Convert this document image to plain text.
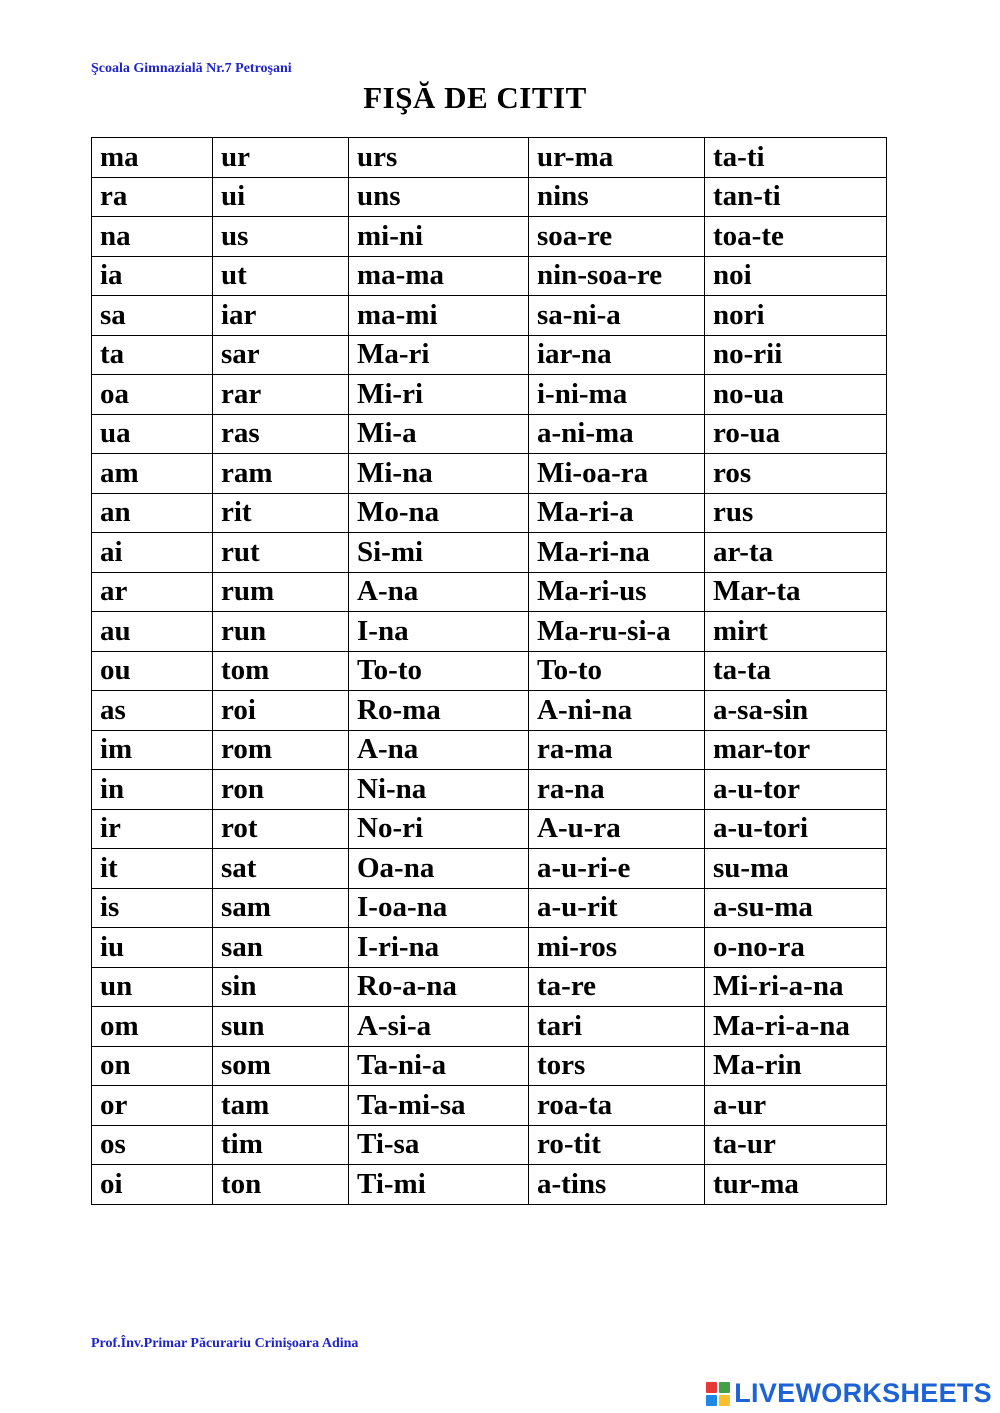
Şcoala Gimnazială Nr.7 Petroşani
FIŞĂ DE CITIT
ma	ur	urs	ur-ma	ta-ti
ra	ui	uns	nins	tan-ti
na	us	mi-ni	soa-re	toa-te
ia	ut	ma-ma	nin-soa-re	noi
sa	iar	ma-mi	sa-ni-a	nori
ta	sar	Ma-ri	iar-na	no-rii
oa	rar	Mi-ri	i-ni-ma	no-ua
ua	ras	Mi-a	a-ni-ma	ro-ua
am	ram	Mi-na	Mi-oa-ra	ros
an	rit	Mo-na	Ma-ri-a	rus
ai	rut	Si-mi	Ma-ri-na	ar-ta
ar	rum	A-na	Ma-ri-us	Mar-ta
au	run	I-na	Ma-ru-si-a	mirt
ou	tom	To-to	To-to	ta-ta
as	roi	Ro-ma	A-ni-na	a-sa-sin
im	rom	A-na	ra-ma	mar-tor
in	ron	Ni-na	ra-na	a-u-tor
ir	rot	No-ri	A-u-ra	a-u-tori
it	sat	Oa-na	a-u-ri-e	su-ma
is	sam	I-oa-na	a-u-rit	a-su-ma
iu	san	I-ri-na	mi-ros	o-no-ra
un	sin	Ro-a-na	ta-re	Mi-ri-a-na
om	sun	A-si-a	tari	Ma-ri-a-na
on	som	Ta-ni-a	tors	Ma-rin
or	tam	Ta-mi-sa	roa-ta	a-ur
os	tim	Ti-sa	ro-tit	ta-ur
oi	ton	Ti-mi	a-tins	tur-ma
Prof.Înv.Primar Păcurariu Crinişoara Adina
LIVEWORKSHEETS
